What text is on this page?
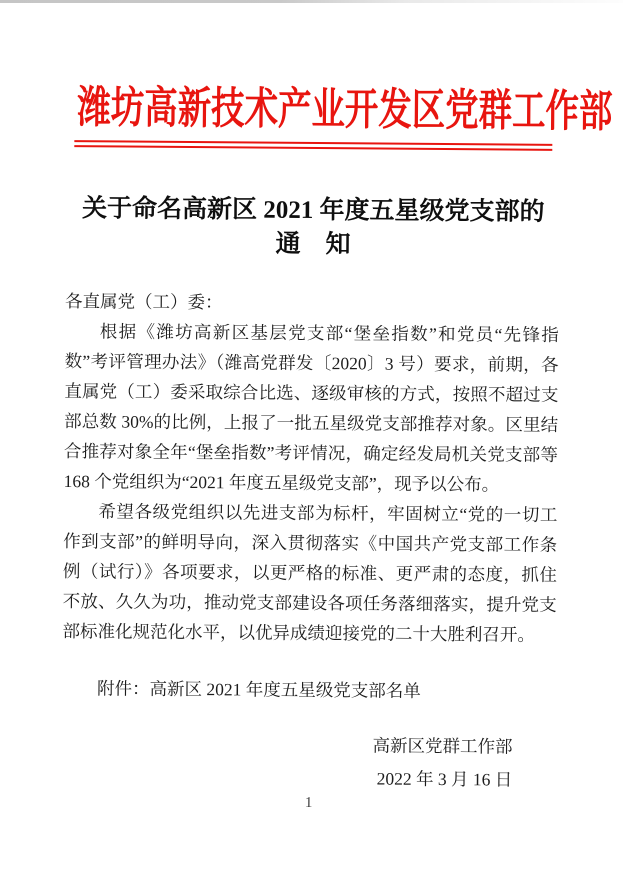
潍坊高新技术产业开发区党群工作部
关于命名高新区 2021 年度五星级党支部的
通　知

各直属党（工）委：

根据《潍坊高新区基层党支部“堡垒指数”和党员“先锋指数”考评管理办法》（潍高党群发〔2020〕3 号）要求，前期，各直属党（工）委采取综合比选、逐级审核的方式，按照不超过支部总数 30%的比例，上报了一批五星级党支部推荐对象。区里结合推荐对象全年“堡垒指数”考评情况，确定经发局机关党支部等 168 个党组织为“2021 年度五星级党支部”，现予以公布。

希望各级党组织以先进支部为标杆，牢固树立“党的一切工作到支部”的鲜明导向，深入贯彻落实《中国共产党支部工作条例（试行）》各项要求，以更严格的标准、更严肃的态度，抓住不放、久久为功，推动党支部建设各项任务落细落实，提升党支部标准化规范化水平，以优异成绩迎接党的二十大胜利召开。

附件：高新区 2021 年度五星级党支部名单

高新区党群工作部
2022 年 3 月 16 日
1
